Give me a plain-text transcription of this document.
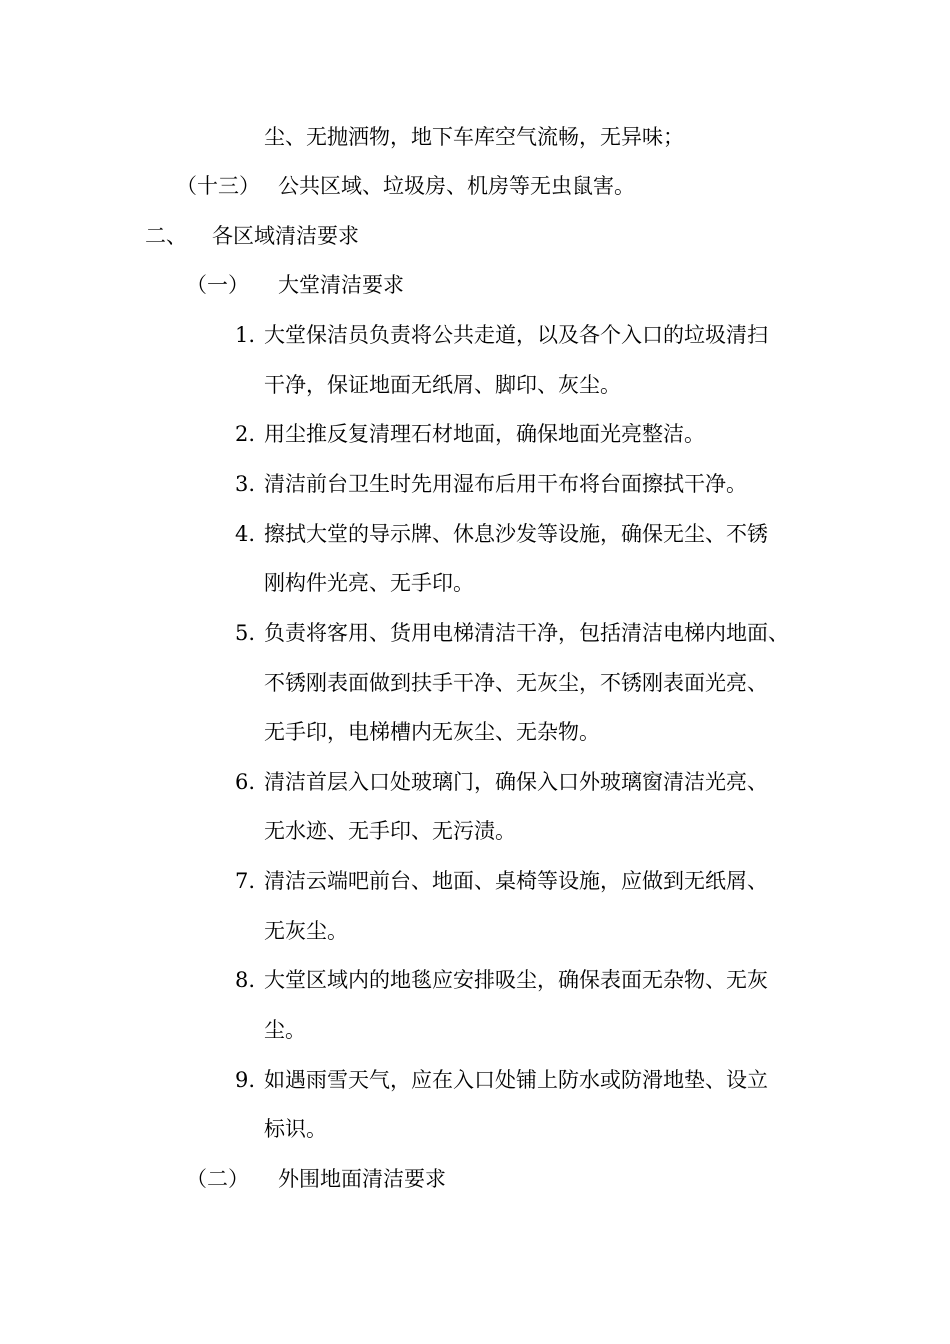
尘、无抛洒物，地下车库空气流畅，无异味；
（十三） 公共区域、垃圾房、机房等无虫鼠害。
二、 各区域清洁要求
（一） 大堂清洁要求
1. 大堂保洁员负责将公共走道，以及各个入口的垃圾清扫
干净，保证地面无纸屑、脚印、灰尘。
2. 用尘推反复清理石材地面，确保地面光亮整洁。
3. 清洁前台卫生时先用湿布后用干布将台面擦拭干净。
4. 擦拭大堂的导示牌、休息沙发等设施，确保无尘、不锈
刚构件光亮、无手印。
5. 负责将客用、货用电梯清洁干净，包括清洁电梯内地面、
不锈刚表面做到扶手干净、无灰尘，不锈刚表面光亮、
无手印，电梯槽内无灰尘、无杂物。
6. 清洁首层入口处玻璃门，确保入口外玻璃窗清洁光亮、
无水迹、无手印、无污渍。
7. 清洁云端吧前台、地面、桌椅等设施，应做到无纸屑、
无灰尘。
8. 大堂区域内的地毯应安排吸尘，确保表面无杂物、无灰
尘。
9. 如遇雨雪天气，应在入口处铺上防水或防滑地垫、设立
标识。
（二） 外围地面清洁要求
